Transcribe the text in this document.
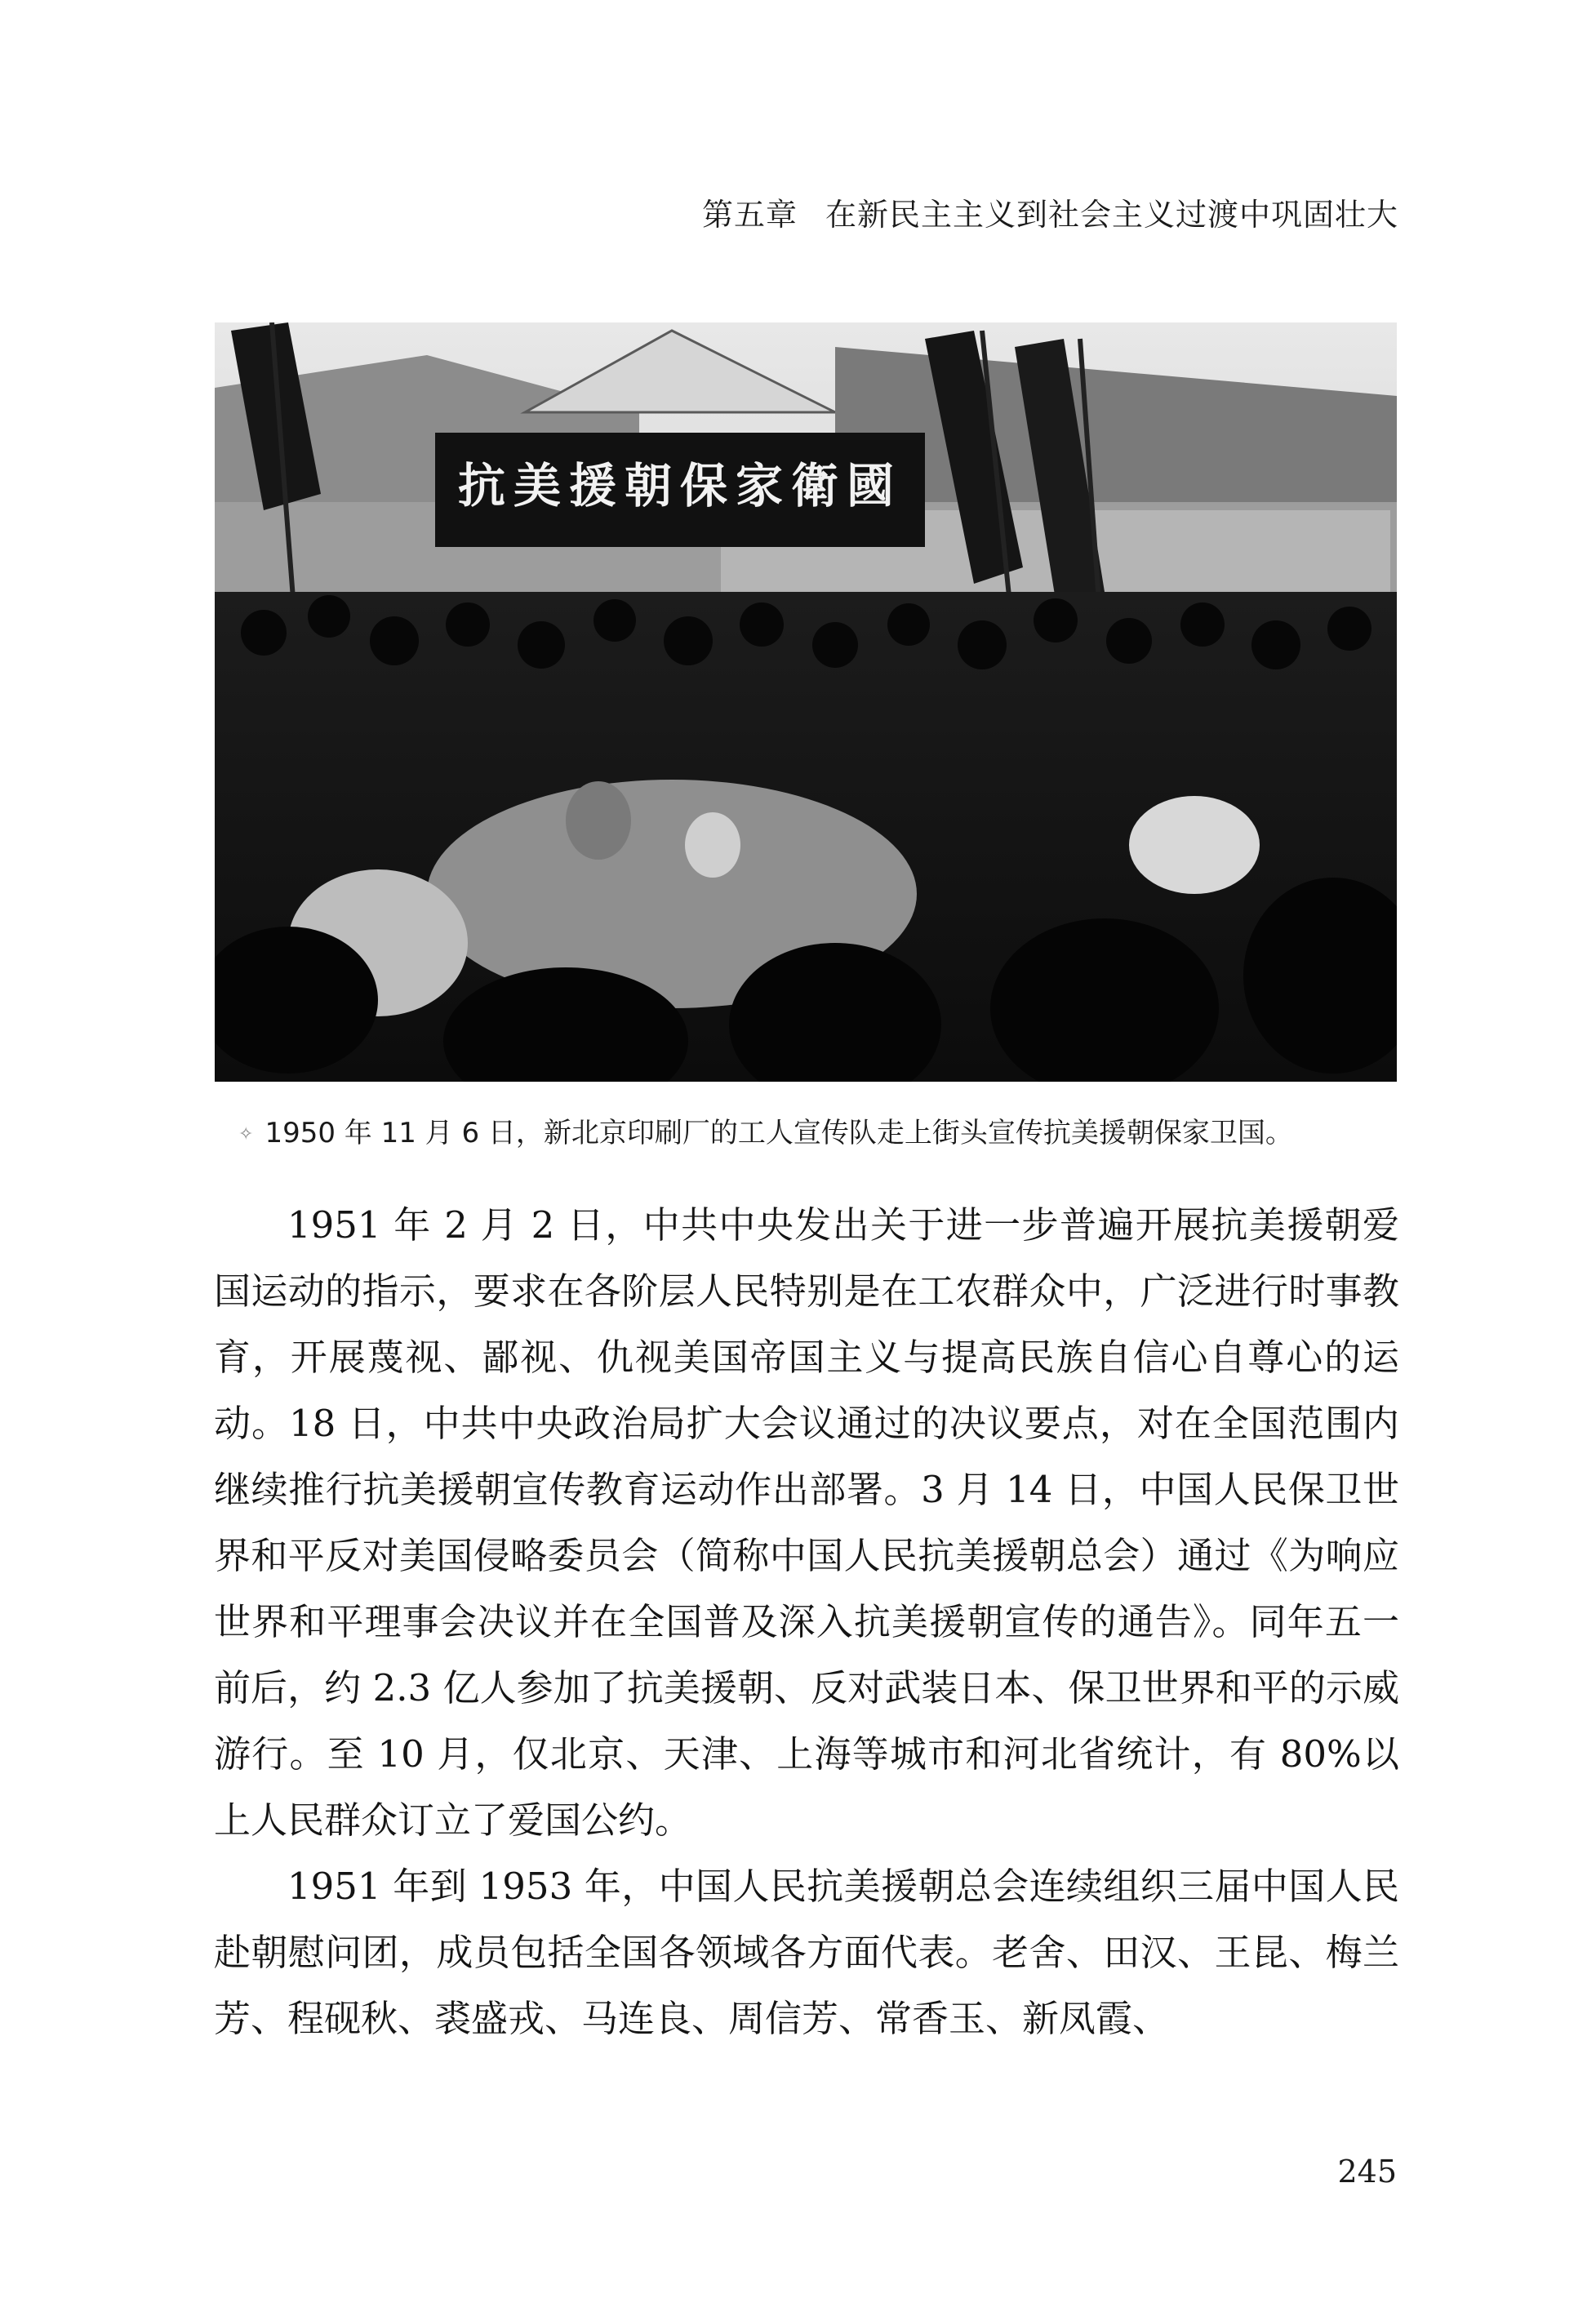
第五章 在新民主主义到社会主义过渡中巩固壮大
抗美援朝保家衛國
✧ 1950 年 11 月 6 日，新北京印刷厂的工人宣传队走上街头宣传抗美援朝保家卫国。

1951 年 2 月 2 日，中共中央发出关于进一步普遍开展抗美援朝爱国运动的指示，要求在各阶层人民特别是在工农群众中，广泛进行时事教育，开展蔑视、鄙视、仇视美国帝国主义与提高民族自信心自尊心的运动。18 日，中共中央政治局扩大会议通过的决议要点，对在全国范围内继续推行抗美援朝宣传教育运动作出部署。3 月 14 日，中国人民保卫世界和平反对美国侵略委员会（简称中国人民抗美援朝总会）通过《为响应世界和平理事会决议并在全国普及深入抗美援朝宣传的通告》。同年五一前后，约 2.3 亿人参加了抗美援朝、反对武装日本、保卫世界和平的示威游行。至 10 月，仅北京、天津、上海等城市和河北省统计，有 80%以上人民群众订立了爱国公约。

1951 年到 1953 年，中国人民抗美援朝总会连续组织三届中国人民赴朝慰问团，成员包括全国各领域各方面代表。老舍、田汉、王昆、梅兰芳、程砚秋、裘盛戎、马连良、周信芳、常香玉、新凤霞、

245
